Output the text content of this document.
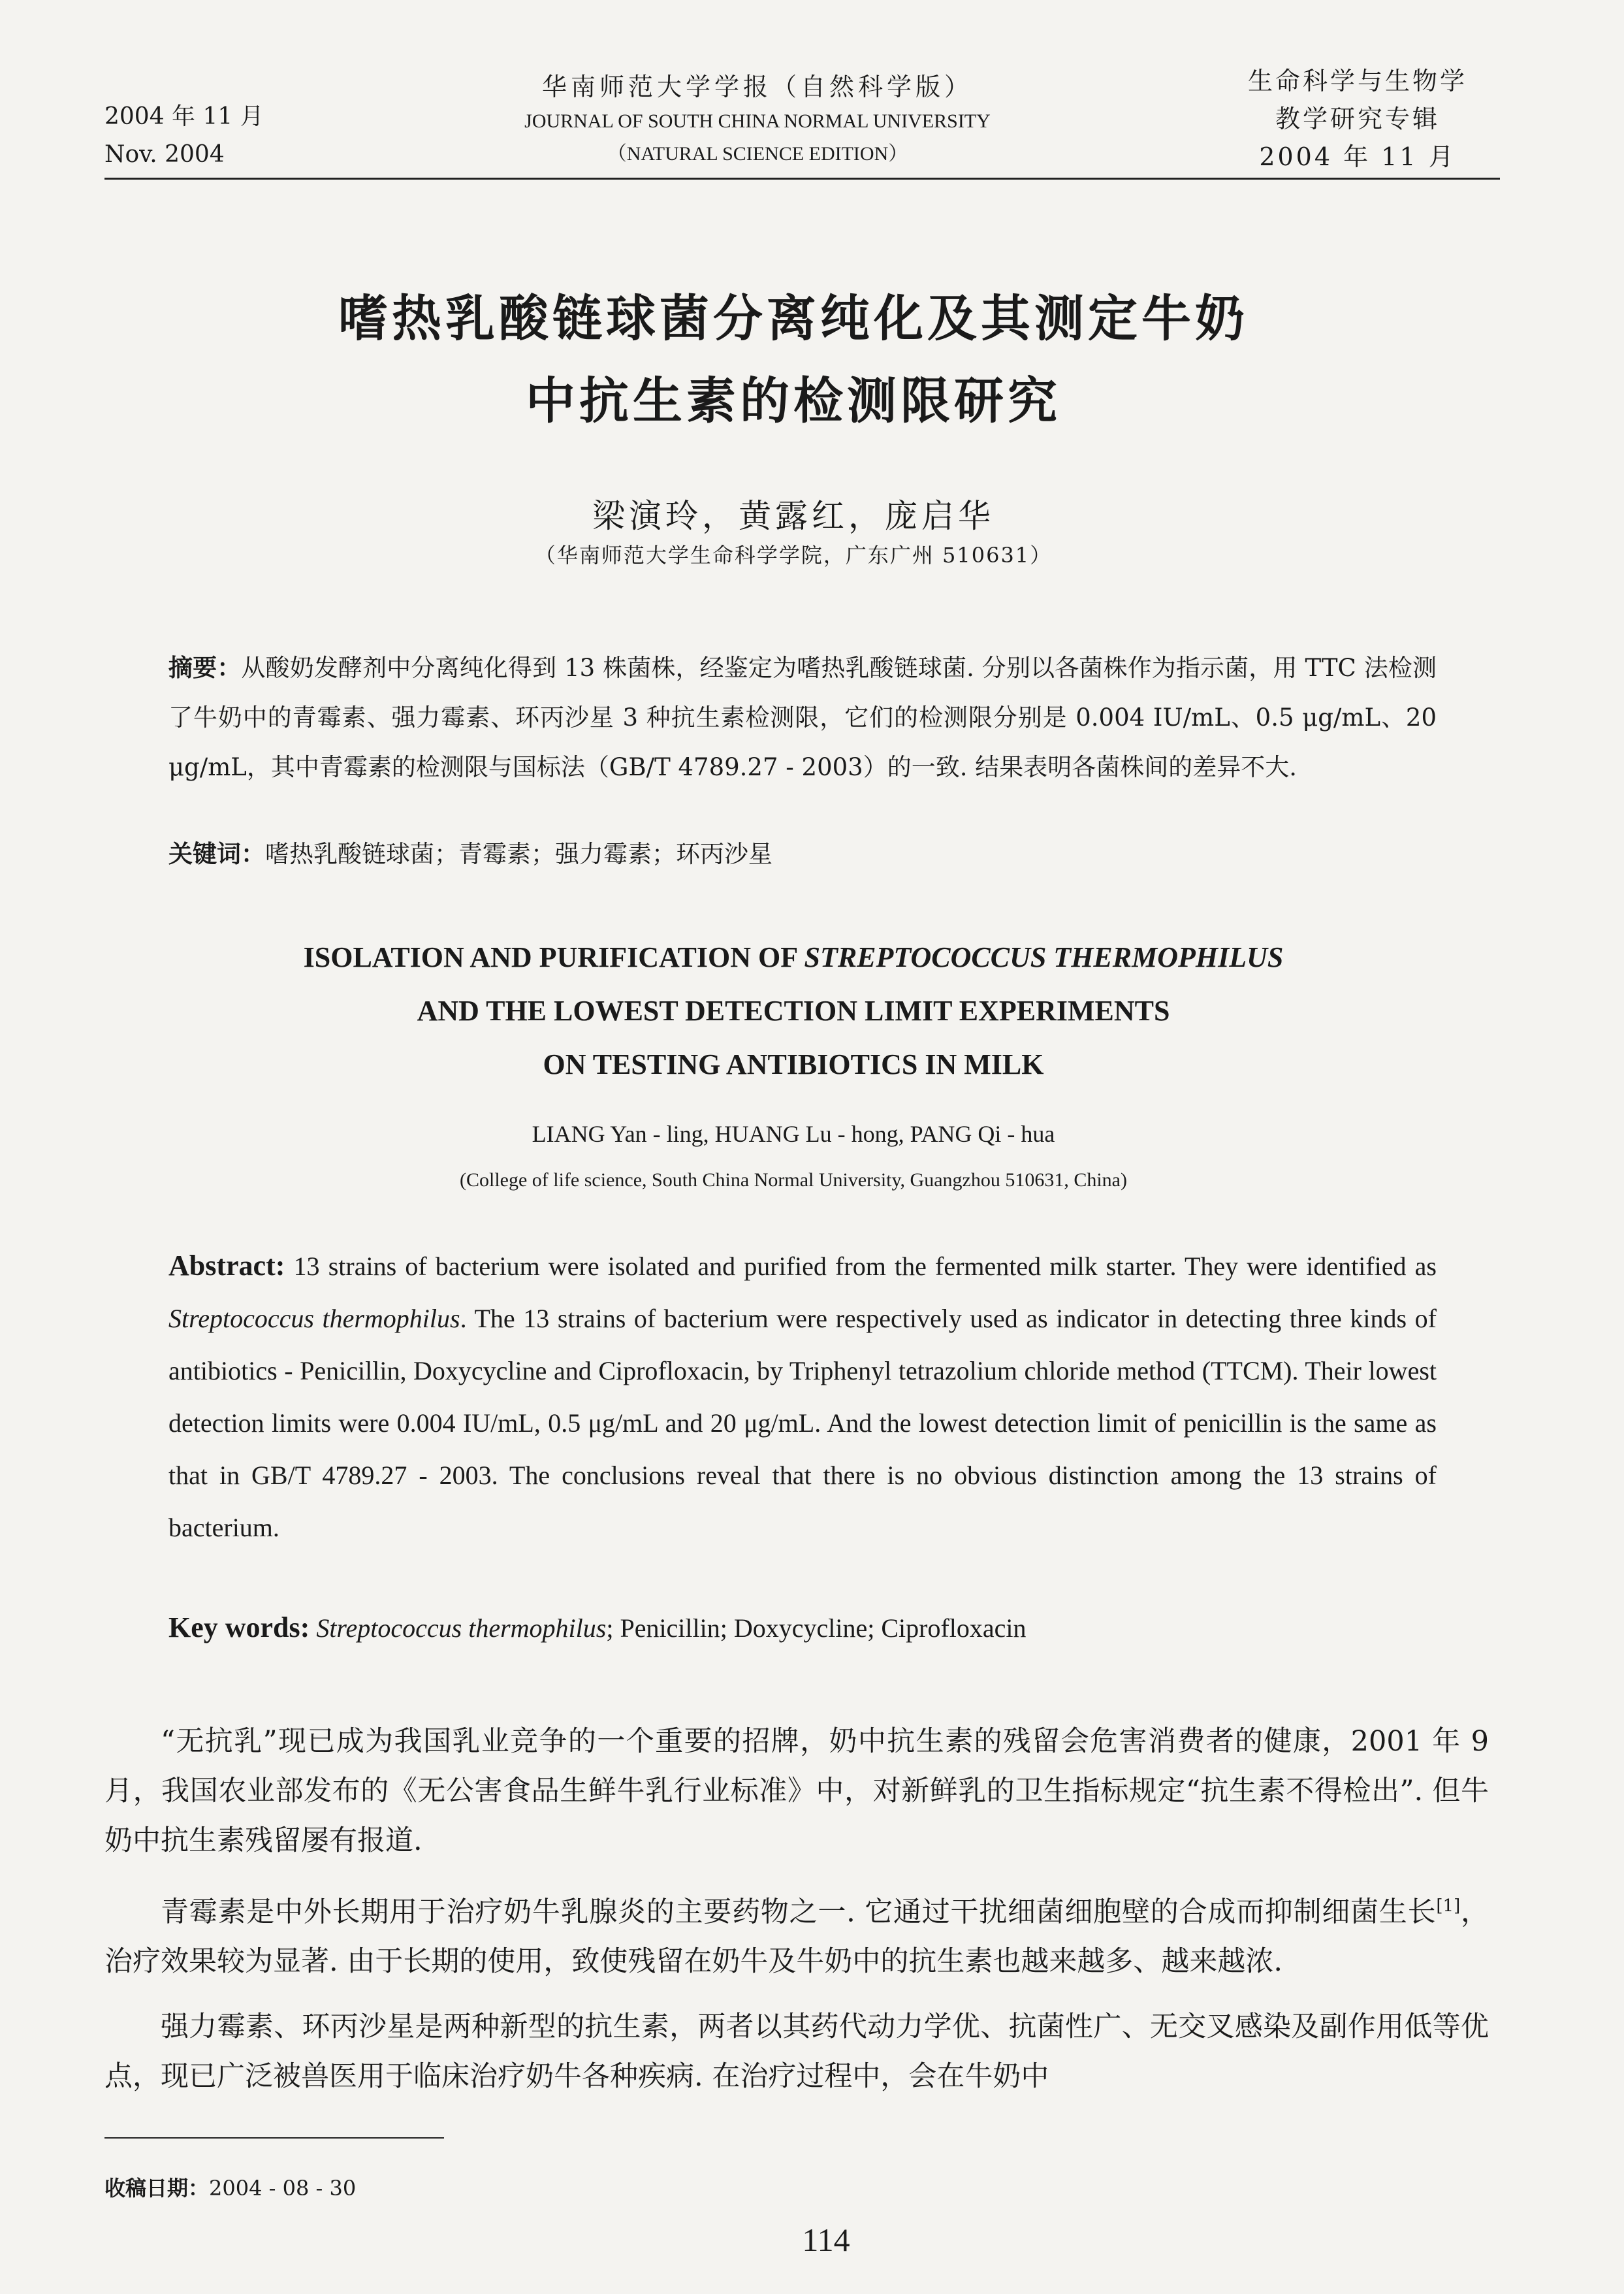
2004 年 11 月
Nov. 2004
华南师范大学学报（自然科学版）
JOURNAL OF SOUTH CHINA NORMAL UNIVERSITY
（NATURAL SCIENCE EDITION）
生命科学与生物学
教学研究专辑
2004 年 11 月
嗜热乳酸链球菌分离纯化及其测定牛奶
中抗生素的检测限研究
梁演玲，黄露红，庞启华
（华南师范大学生命科学学院，广东广州 510631）
摘要：从酸奶发酵剂中分离纯化得到 13 株菌株，经鉴定为嗜热乳酸链球菌. 分别以各菌株作为指示菌，用 TTC 法检测了牛奶中的青霉素、强力霉素、环丙沙星 3 种抗生素检测限，它们的检测限分别是 0.004 IU/mL、0.5 μg/mL、20 μg/mL，其中青霉素的检测限与国标法（GB/T 4789.27 - 2003）的一致. 结果表明各菌株间的差异不大.
关键词：嗜热乳酸链球菌；青霉素；强力霉素；环丙沙星
ISOLATION AND PURIFICATION OF STREPTOCOCCUS THERMOPHILUS
AND THE LOWEST DETECTION LIMIT EXPERIMENTS
ON TESTING ANTIBIOTICS IN MILK
LIANG Yan - ling, HUANG Lu - hong, PANG Qi - hua
(College of life science, South China Normal University, Guangzhou 510631, China)
Abstract: 13 strains of bacterium were isolated and purified from the fermented milk starter. They were identified as Streptococcus thermophilus. The 13 strains of bacterium were respectively used as indicator in detecting three kinds of antibiotics - Penicillin, Doxycycline and Ciprofloxacin, by Triphenyl tetrazolium chloride method (TTCM). Their lowest detection limits were 0.004 IU/mL, 0.5 μg/mL and 20 μg/mL. And the lowest detection limit of penicillin is the same as that in GB/T 4789.27 - 2003. The conclusions reveal that there is no obvious distinction among the 13 strains of bacterium.
Key words: Streptococcus thermophilus; Penicillin; Doxycycline; Ciprofloxacin

“无抗乳”现已成为我国乳业竞争的一个重要的招牌，奶中抗生素的残留会危害消费者的健康，2001 年 9 月，我国农业部发布的《无公害食品生鲜牛乳行业标准》中，对新鲜乳的卫生指标规定“抗生素不得检出”. 但牛奶中抗生素残留屡有报道.

青霉素是中外长期用于治疗奶牛乳腺炎的主要药物之一. 它通过干扰细菌细胞壁的合成而抑制细菌生长[1]，治疗效果较为显著. 由于长期的使用，致使残留在奶牛及牛奶中的抗生素也越来越多、越来越浓.

强力霉素、环丙沙星是两种新型的抗生素，两者以其药代动力学优、抗菌性广、无交叉感染及副作用低等优点，现已广泛被兽医用于临床治疗奶牛各种疾病. 在治疗过程中，会在牛奶中

收稿日期：2004 - 08 - 30
114
